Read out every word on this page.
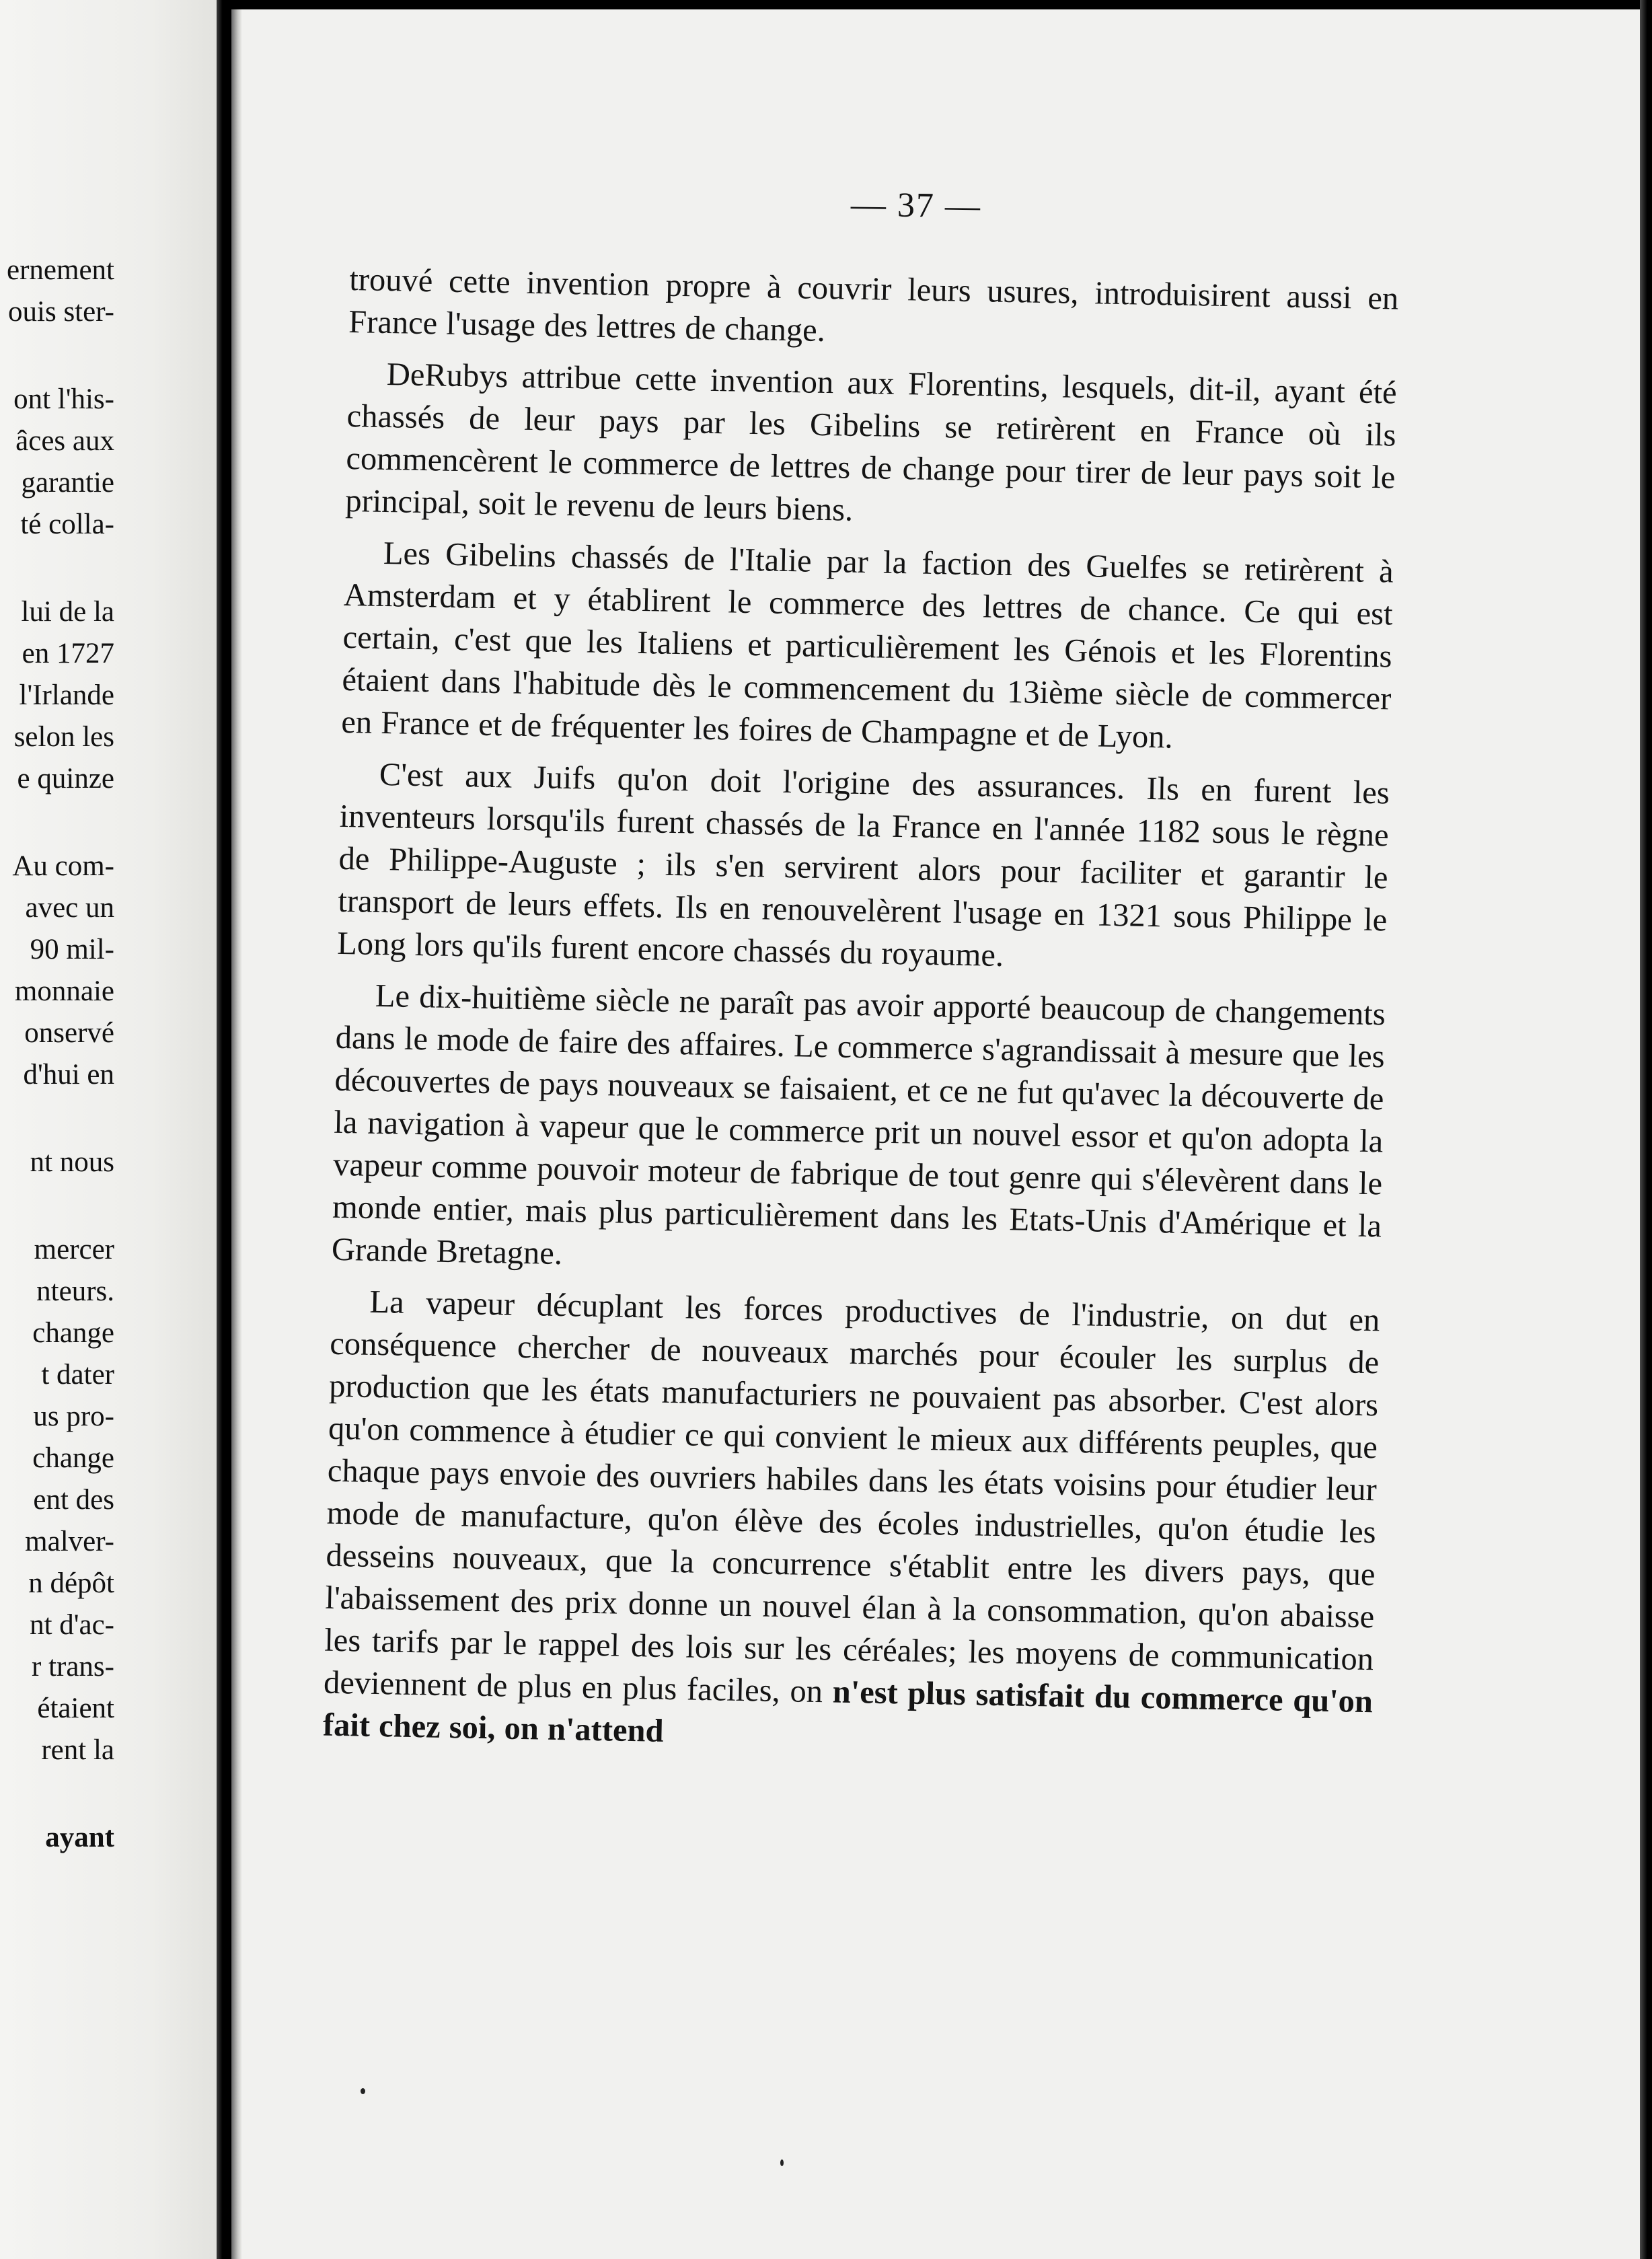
ernement
ouis ster-
ont l'his-
âces aux
garantie
té colla-
lui de la
en 1727
l'Irlande
selon les
e quinze
Au com-
avec un
90 mil-
monnaie
onservé
d'hui en
nt nous
mercer
nteurs.
change
t dater
us pro-
change
ent des
malver-
n dépôt
nt d'ac-
r trans-
étaient
rent la
ayant
— 37 —

trouvé cette invention propre à couvrir leurs usures, introduisirent aussi en France l'usage des lettres de change.

DeRubys attribue cette invention aux Florentins, lesquels, dit-il, ayant été chassés de leur pays par les Gibelins se retirèrent en France où ils commencèrent le commerce de lettres de change pour tirer de leur pays soit le principal, soit le revenu de leurs biens.

Les Gibelins chassés de l'Italie par la faction des Guelfes se retirèrent à Amsterdam et y établirent le commerce des lettres de chance. Ce qui est certain, c'est que les Italiens et particulièrement les Génois et les Florentins étaient dans l'habitude dès le commencement du 13ième siècle de commercer en France et de fréquenter les foires de Champagne et de Lyon.

C'est aux Juifs qu'on doit l'origine des assurances. Ils en furent les inventeurs lorsqu'ils furent chassés de la France en l'année 1182 sous le règne de Philippe-Auguste ; ils s'en servirent alors pour faciliter et garantir le transport de leurs effets. Ils en renouvelèrent l'usage en 1321 sous Philippe le Long lors qu'ils furent encore chassés du royaume.

Le dix-huitième siècle ne paraît pas avoir apporté beaucoup de changements dans le mode de faire des affaires. Le commerce s'agrandissait à mesure que les découvertes de pays nouveaux se faisaient, et ce ne fut qu'avec la découverte de la navigation à vapeur que le commerce prit un nouvel essor et qu'on adopta la vapeur comme pouvoir moteur de fabrique de tout genre qui s'élevèrent dans le monde entier, mais plus particulièrement dans les Etats-Unis d'Amérique et la Grande Bretagne.

La vapeur décuplant les forces productives de l'industrie, on dut en conséquence chercher de nouveaux marchés pour écouler les surplus de production que les états manufacturiers ne pouvaient pas absorber. C'est alors qu'on commence à étudier ce qui convient le mieux aux différents peuples, que chaque pays envoie des ouvriers habiles dans les états voisins pour étudier leur mode de manufacture, qu'on élève des écoles industrielles, qu'on étudie les desseins nouveaux, que la concurrence s'établit entre les divers pays, que l'abaissement des prix donne un nouvel élan à la consommation, qu'on abaisse les tarifs par le rappel des lois sur les céréales; les moyens de communication deviennent de plus en plus faciles, on n'est plus satisfait du commerce qu'on fait chez soi, on n'attend
